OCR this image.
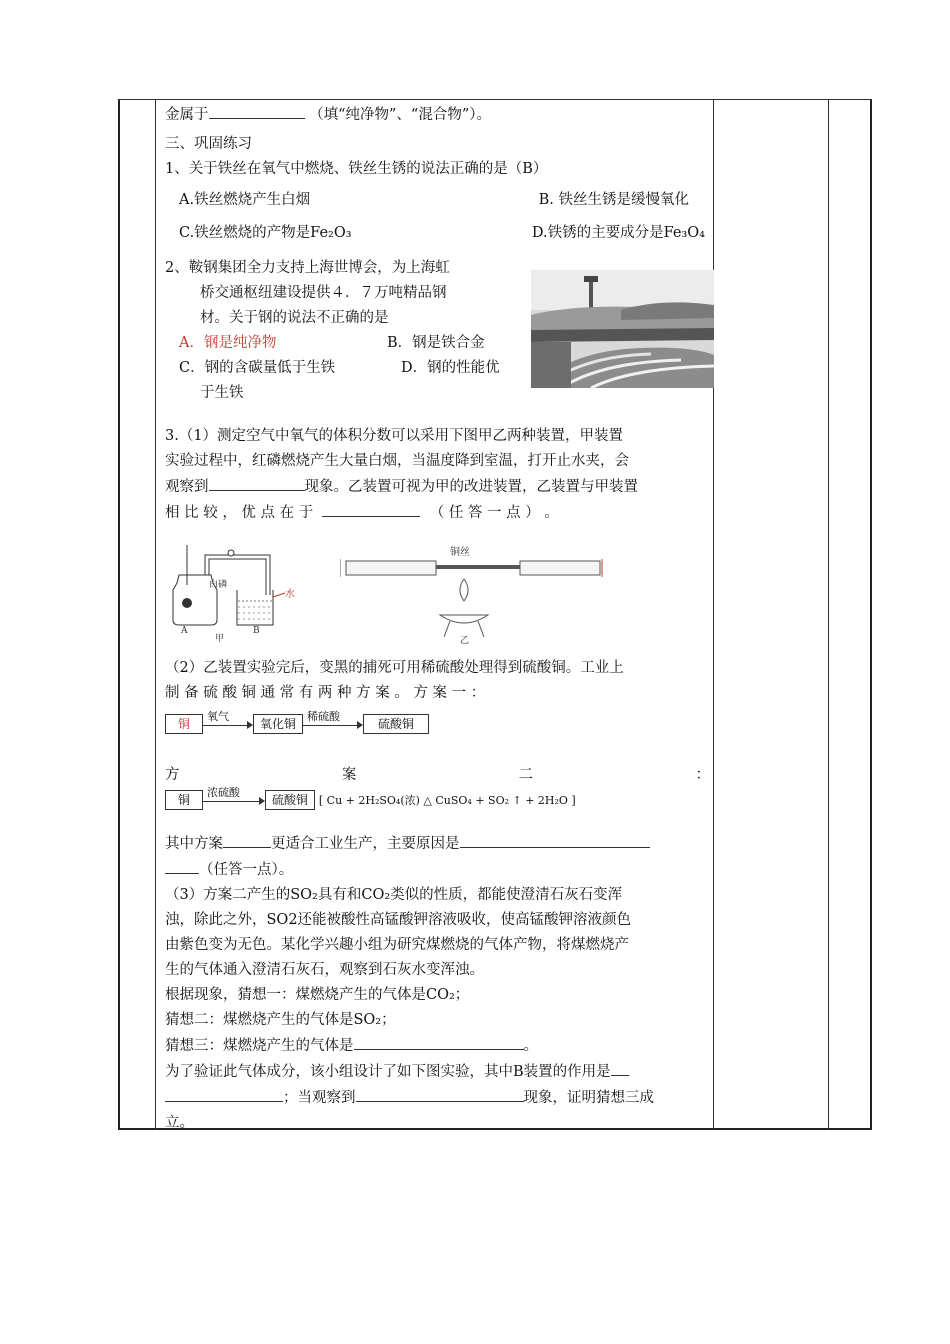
金属于	（填“纯净物”、“混合物”）。
三、巩固练习
1、关于铁丝在氧气中燃烧、铁丝生锈的说法正确的是（B）
A.铁丝燃烧产生白烟	B. 铁丝生锈是缓慢氧化
C.铁丝燃烧的产物是Fe₂O₃	D.铁锈的主要成分是Fe₃O₄
2、鞍钢集团全力支持上海世博会，为上海虹
桥交通枢纽建设提供４．７万吨精品钢
材。关于钢的说法不正确的是
A．钢是纯净物	B．钢是铁合金
C．钢的含碳量低于生铁	D．钢的性能优
于生铁
3.（1）测定空气中氧气的体积分数可以采用下图甲乙两种装置，甲装置
实验过程中，红磷燃烧产生大量白烟，当温度降到室温，打开止水夹，会
观察到	现象。乙装置可视为甲的改进装置，乙装置与甲装置
相 比 较 ， 优 点 在 于	（ 任 答 一 点 ） 。
白磷
水
A	B
甲
铜丝
乙
（2）乙装置实验完后，变黑的捕死可用稀硫酸处理得到硫酸铜。工业上
制 备 硫 酸 铜 通 常 有 两 种 方 案 。 方 案 一 ：
铜
氧气
氧化铜
稀硫酸
硫酸铜
方	案	二	：
铜
浓硫酸
硫酸铜 [ Cu + 2H₂SO₄(浓) △ CuSO₄ + SO₂ ↑ + 2H₂O ]
其中方案	更适合工业生产，主要原因是
（任答一点）。
（3）方案二产生的SO₂具有和CO₂类似的性质，都能使澄清石灰石变浑
浊，除此之外，SO2还能被酸性高锰酸钾溶液吸收，使高锰酸钾溶液颜色
由紫色变为无色。某化学兴趣小组为研究煤燃烧的气体产物，将煤燃烧产
生的气体通入澄清石灰石，观察到石灰水变浑浊。
根据现象，猜想一：煤燃烧产生的气体是CO₂；
猜想二：煤燃烧产生的气体是SO₂；
猜想三：煤燃烧产生的气体是	。
为了验证此气体成分，该小组设计了如下图实验，其中B装置的作用是
；当观察到	现象，证明猜想三成
立。
